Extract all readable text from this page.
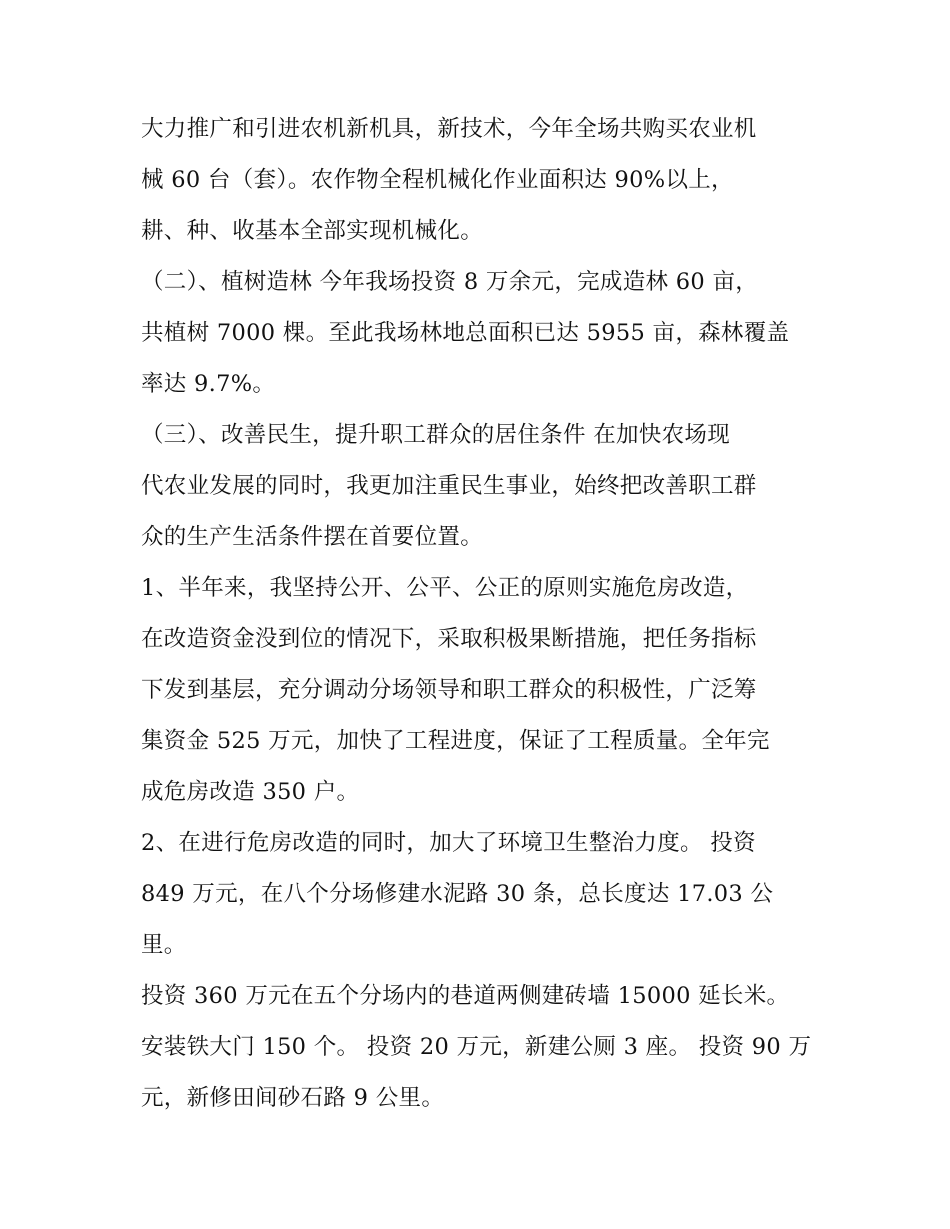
大力推广和引进农机新机具，新技术，今年全场共购买农业机
械 60 台（套）。农作物全程机械化作业面积达 90%以上，
耕、种、收基本全部实现机械化。
（二）、植树造林 今年我场投资 8 万余元，完成造林 60 亩，
共植树 7000 棵。至此我场林地总面积已达 5955 亩，森林覆盖
率达 9.7%。
（三）、改善民生，提升职工群众的居住条件 在加快农场现
代农业发展的同时，我更加注重民生事业，始终把改善职工群
众的生产生活条件摆在首要位置。
1、半年来，我坚持公开、公平、公正的原则实施危房改造，
在改造资金没到位的情况下，采取积极果断措施，把任务指标
下发到基层，充分调动分场领导和职工群众的积极性，广泛筹
集资金 525 万元，加快了工程进度，保证了工程质量。全年完
成危房改造 350 户。
2、在进行危房改造的同时，加大了环境卫生整治力度。 投资
849 万元，在八个分场修建水泥路 30 条，总长度达 17.03 公
里。
投资 360 万元在五个分场内的巷道两侧建砖墙 15000 延长米。
安装铁大门 150 个。 投资 20 万元，新建公厕 3 座。 投资 90 万
元，新修田间砂石路 9 公里。
